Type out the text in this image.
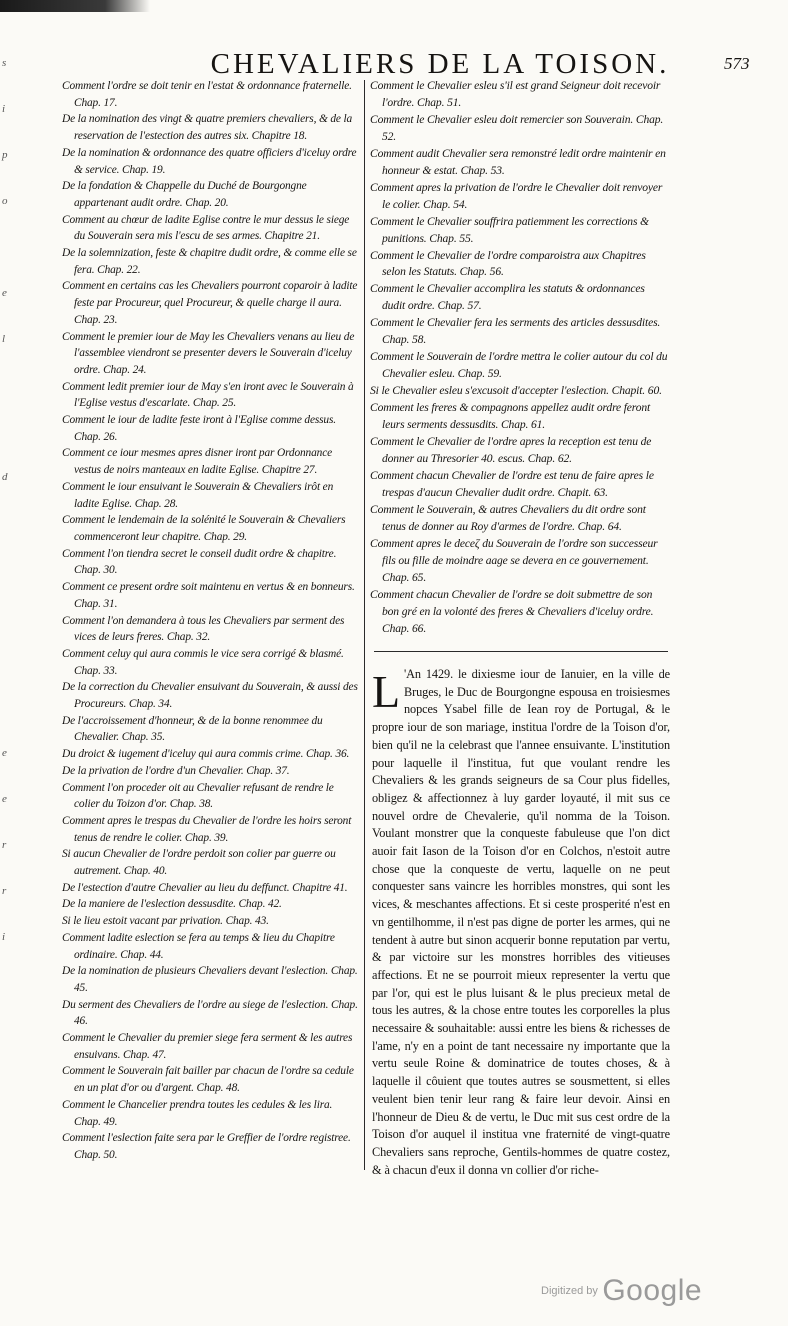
s
i
p
o
e
l
d
e
e
r
r
i
CHEVALIERS DE LA TOISON.	573

Comment l'ordre se doit tenir en l'estat & ordonnance fraternelle. Chap. 17.

De la nomination des vingt & quatre premiers chevaliers, & de la reservation de l'estection des autres six. Chapitre 18.

De la nomination & ordonnance des quatre officiers d'iceluy ordre & service. Chap. 19.

De la fondation & Chappelle du Duché de Bourgongne appartenant audit ordre. Chap. 20.

Comment au chœur de ladite Eglise contre le mur dessus le siege du Souverain sera mis l'escu de ses armes. Chapitre 21.

De la solemnization, feste & chapitre dudit ordre, & comme elle se fera. Chap. 22.

Comment en certains cas les Chevaliers pourront coparoir à ladite feste par Procureur, quel Procureur, & quelle charge il aura. Chap. 23.

Comment le premier iour de May les Chevaliers venans au lieu de l'assemblee viendront se presenter devers le Souverain d'iceluy ordre. Chap. 24.

Comment ledit premier iour de May s'en iront avec le Souverain à l'Eglise vestus d'escarlate. Chap. 25.

Comment le iour de ladite feste iront à l'Eglise comme dessus. Chap. 26.

Comment ce iour mesmes apres disner iront par Ordonnance vestus de noirs manteaux en ladite Eglise. Chapitre 27.

Comment le iour ensuivant le Souverain & Chevaliers irôt en ladite Eglise. Chap. 28.

Comment le lendemain de la solénité le Souverain & Chevaliers commenceront leur chapitre. Chap. 29.

Comment l'on tiendra secret le conseil dudit ordre & chapitre. Chap. 30.

Comment ce present ordre soit maintenu en vertus & en bonneurs. Chap. 31.

Comment l'on demandera à tous les Chevaliers par serment des vices de leurs freres. Chap. 32.

Comment celuy qui aura commis le vice sera corrigé & blasmé. Chap. 33.

De la correction du Chevalier ensuivant du Souverain, & aussi des Procureurs. Chap. 34.

De l'accroissement d'honneur, & de la bonne renommee du Chevalier. Chap. 35.

Du droict & iugement d'iceluy qui aura commis crime. Chap. 36.

De la privation de l'ordre d'un Chevalier. Chap. 37.

Comment l'on proceder oit au Chevalier refusant de rendre le colier du Toizon d'or. Chap. 38.

Comment apres le trespas du Chevalier de l'ordre les hoirs seront tenus de rendre le colier. Chap. 39.

Si aucun Chevalier de l'ordre perdoit son colier par guerre ou autrement. Chap. 40.

De l'estection d'autre Chevalier au lieu du deffunct. Chapitre 41.

De la maniere de l'eslection dessusdite. Chap. 42.

Si le lieu estoit vacant par privation. Chap. 43.

Comment ladite eslection se fera au temps & lieu du Chapitre ordinaire. Chap. 44.

De la nomination de plusieurs Chevaliers devant l'eslection. Chap. 45.

Du serment des Chevaliers de l'ordre au siege de l'eslection. Chap. 46.

Comment le Chevalier du premier siege fera serment & les autres ensuivans. Chap. 47.

Comment le Souverain fait bailler par chacun de l'ordre sa cedule en un plat d'or ou d'argent. Chap. 48.

Comment le Chancelier prendra toutes les cedules & les lira. Chap. 49.

Comment l'eslection faite sera par le Greffier de l'ordre registree. Chap. 50.

Comment le Chevalier esleu s'il est grand Seigneur doit recevoir l'ordre. Chap. 51.

Comment le Chevalier esleu doit remercier son Souverain. Chap. 52.

Comment audit Chevalier sera remonstré ledit ordre maintenir en honneur & estat. Chap. 53.

Comment apres la privation de l'ordre le Chevalier doit renvoyer le colier. Chap. 54.

Comment le Chevalier souffrira patiemment les corrections & punitions. Chap. 55.

Comment le Chevalier de l'ordre comparoistra aux Chapitres selon les Statuts. Chap. 56.

Comment le Chevalier accomplira les statuts & ordonnances dudit ordre. Chap. 57.

Comment le Chevalier fera les serments des articles dessusdites. Chap. 58.

Comment le Souverain de l'ordre mettra le colier autour du col du Chevalier esleu. Chap. 59.

Si le Chevalier esleu s'excusoit d'accepter l'eslection. Chapit. 60.

Comment les freres & compagnons appellez audit ordre feront leurs serments dessusdits. Chap. 61.

Comment le Chevalier de l'ordre apres la reception est tenu de donner au Thresorier 40. escus. Chap. 62.

Comment chacun Chevalier de l'ordre est tenu de faire apres le trespas d'aucun Chevalier dudit ordre. Chapit. 63.

Comment le Souverain, & autres Chevaliers du dit ordre sont tenus de donner au Roy d'armes de l'ordre. Chap. 64.

Comment apres le deceζ du Souverain de l'ordre son successeur fils ou fille de moindre aage se devera en ce gouvernement. Chap. 65.

Comment chacun Chevalier de l'ordre se doit submettre de son bon gré en la volonté des freres & Chevaliers d'iceluy ordre. Chap. 66.

L 'An 1429. le dixiesme iour de Ianuier, en la ville de Bruges, le Duc de Bourgongne espousa en troisiesmes nopces Ysabel fille de Iean roy de Portugal, & le propre iour de son mariage, institua l'ordre de la Toison d'or, bien qu'il ne la celebrast que l'annee ensuivante. L'institution pour laquelle il l'institua, fut que voulant rendre les Chevaliers & les grands seigneurs de sa Cour plus fidelles, obligez & affectionnez à luy garder loyauté, il mit sus ce nouvel ordre de Chevalerie, qu'il nomma de la Toison. Voulant monstrer que la conqueste fabuleuse que l'on dict auoir fait Iason de la Toison d'or en Colchos, n'estoit autre chose que la conqueste de vertu, laquelle on ne peut conquester sans vaincre les horribles monstres, qui sont les vices, & meschantes affections. Et si ceste prosperité n'est en vn gentilhomme, il n'est pas digne de porter les armes, qui ne tendent à autre but sinon acquerir bonne reputation par vertu, & par victoire sur les monstres horribles des vitieuses affections. Et ne se pourroit mieux representer la vertu que par l'or, qui est le plus luisant & le plus precieux metal de tous les autres, & la chose entre toutes les corporelles la plus necessaire & souhaitable: aussi entre les biens & richesses de l'ame, n'y en a point de tant necessaire ny importante que la vertu seule Roine & dominatrice de toutes choses, & à laquelle il côuient que toutes autres se sousmettent, si elles veulent bien tenir leur rang & faire leur devoir. Ainsi en l'honneur de Dieu & de vertu, le Duc mit sus cest ordre de la Toison d'or auquel il institua vne fraternité de vingt-quatre Chevaliers sans reproche, Gentils-hommes de quatre costez, & à chacun d'eux il donna vn collier d'or riche-
Digitized by Google
